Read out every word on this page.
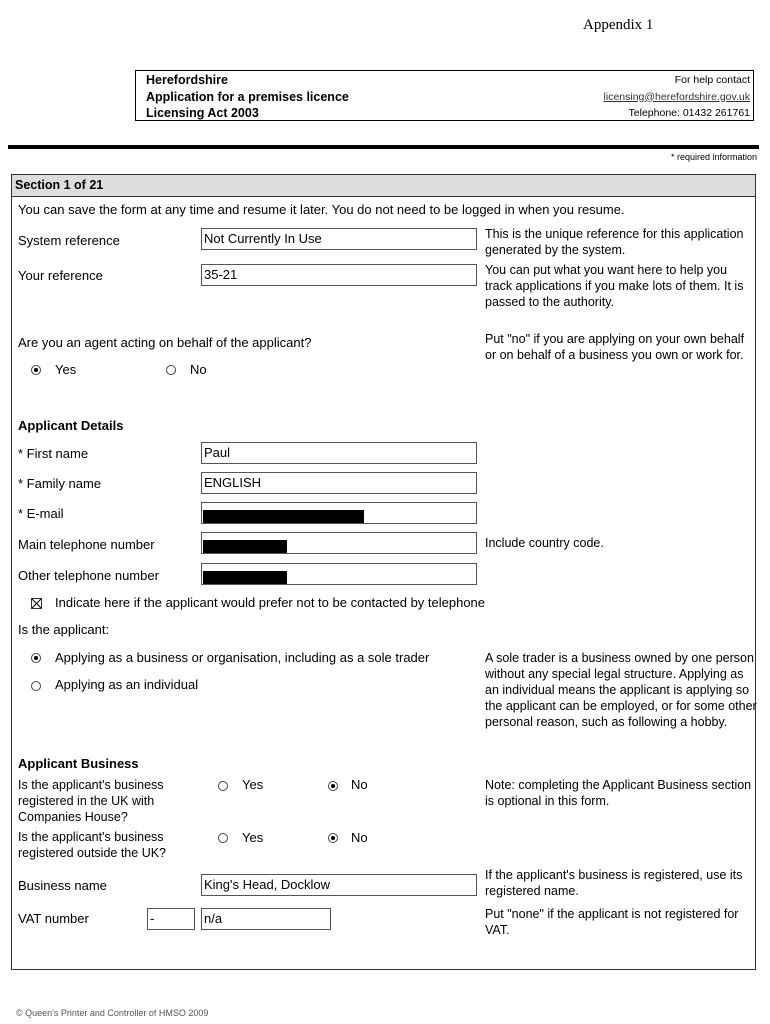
Appendix 1
Herefordshire
Application for a premises licence
Licensing Act 2003
For help contact
licensing@herefordshire.gov.uk
Telephone: 01432 261761
* required information
Section 1 of 21
You can save the form at any time and resume it later. You do not need to be logged in when you resume.
System reference	Not Currently In Use	This is the unique reference for this application generated by the system.
Your reference	35-21	You can put what you want here to help you track applications if you make lots of them. It is passed to the authority.
Are you an agent acting on behalf of the applicant?
Yes	No
Put "no" if you are applying on your own behalf or on behalf of a business you own or work for.
Applicant Details
* First name	Paul
* Family name	ENGLISH
* E-mail
Main telephone number	Include country code.
Other telephone number
Indicate here if the applicant would prefer not to be contacted by telephone
Is the applicant:
Applying as a business or organisation, including as a sole trader
Applying as an individual
A sole trader is a business owned by one person without any special legal structure. Applying as an individual means the applicant is applying so the applicant can be employed, or for some other personal reason, such as following a hobby.
Applicant Business
Is the applicant's business registered in the UK with Companies House?
Yes	No	Note: completing the Applicant Business section is optional in this form.
Is the applicant's business registered outside the UK?
Yes	No
Business name	King's Head, Docklow
If the applicant's business is registered, use its registered name.
VAT number	-	n/a	Put "none" if the applicant is not registered for VAT.
© Queen's Printer and Controller of HMSO 2009
